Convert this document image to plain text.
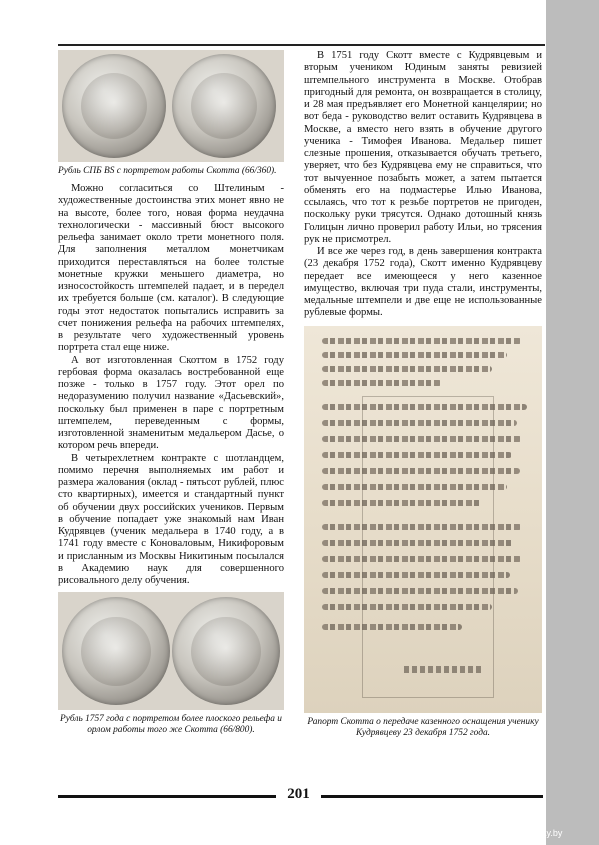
Рубль СПБ BS с портретом работы Скотта (66/360).

Можно согласиться со Штелиным - художественные достоинства этих монет явно не на высоте, более того, новая форма неудачна технологически - массивный бюст высокого рельефа занимает около трети монетного поля. Для заполнения металлом монетчикам приходится переставляться на более толстые монетные кружки меньшего диаметра, но износостойкость штемпелей падает, и в передел их требуется больше (см. каталог). В следующие годы этот недостаток попытались исправить за счет понижения рельефа на рабочих штемпелях, в результате чего художественный уровень портрета стал еще ниже.

А вот изготовленная Скоттом в 1752 году гербовая форма оказалась востребованной еще позже - только в 1757 году. Этот орел по недоразумению получил название «Дасьевский», поскольку был применен в паре с портретным штемпелем, переведенным с формы, изготовленной знаменитым медальером Дасье, о котором речь впереди.

В четырехлетнем контракте с шотландцем, помимо перечня выполняемых им работ и размера жалования (оклад - пятьсот рублей, плюс сто квартирных), имеется и стандартный пункт об обучении двух российских учеников. Первым в обучение попадает уже знакомый нам Иван Кудрявцев (ученик медальера в 1740 году, а в 1741 году вместе с Коноваловым, Никифоровым и присланным из Москвы Никитиным посылался в Академию наук для совершенного рисовального делу обучения.

Рубль 1757 года с портретом более плоского рельефа и орлом работы того же Скотта (66/800).

В 1751 году Скотт вместе с Кудрявцевым и вторым учеником Юдиным заняты ревизией штемпельного инструмента в Москве. Отобрав пригодный для ремонта, он возвращается в столицу, и 28 мая предъявляет его Монетной канцелярии; но вот беда - руководство велит оставить Кудрявцева в Москве, а вместо него взять в обучение другого ученика - Тимофея Иванова. Медальер пишет слезные прошения, отказывается обучать третьего, уверяет, что без Кудрявцева ему не справиться, что тот вычуенное позабыть может, а затем пытается обменять его на подмастерье Илью Иванова, ссылаясь, что тот к резьбе портретов не пригоден, поскольку руки трясутся. Однако дотошный князь Голицын лично проверил работу Ильи, но трясения рук не присмотрел.

И все же через год, в день завершения контракта (23 декабря 1752 года), Скотт именно Кудрявцеву передает все имеющееся у него казенное имущество, включая три пуда стали, инструменты, медальные штемпели и две еще не использованные рублевые формы.

Рапорт Скотта о передаче казенного оснащения ученику Кудрявцеву 23 декабря 1752 года.
201
www.ay.by
